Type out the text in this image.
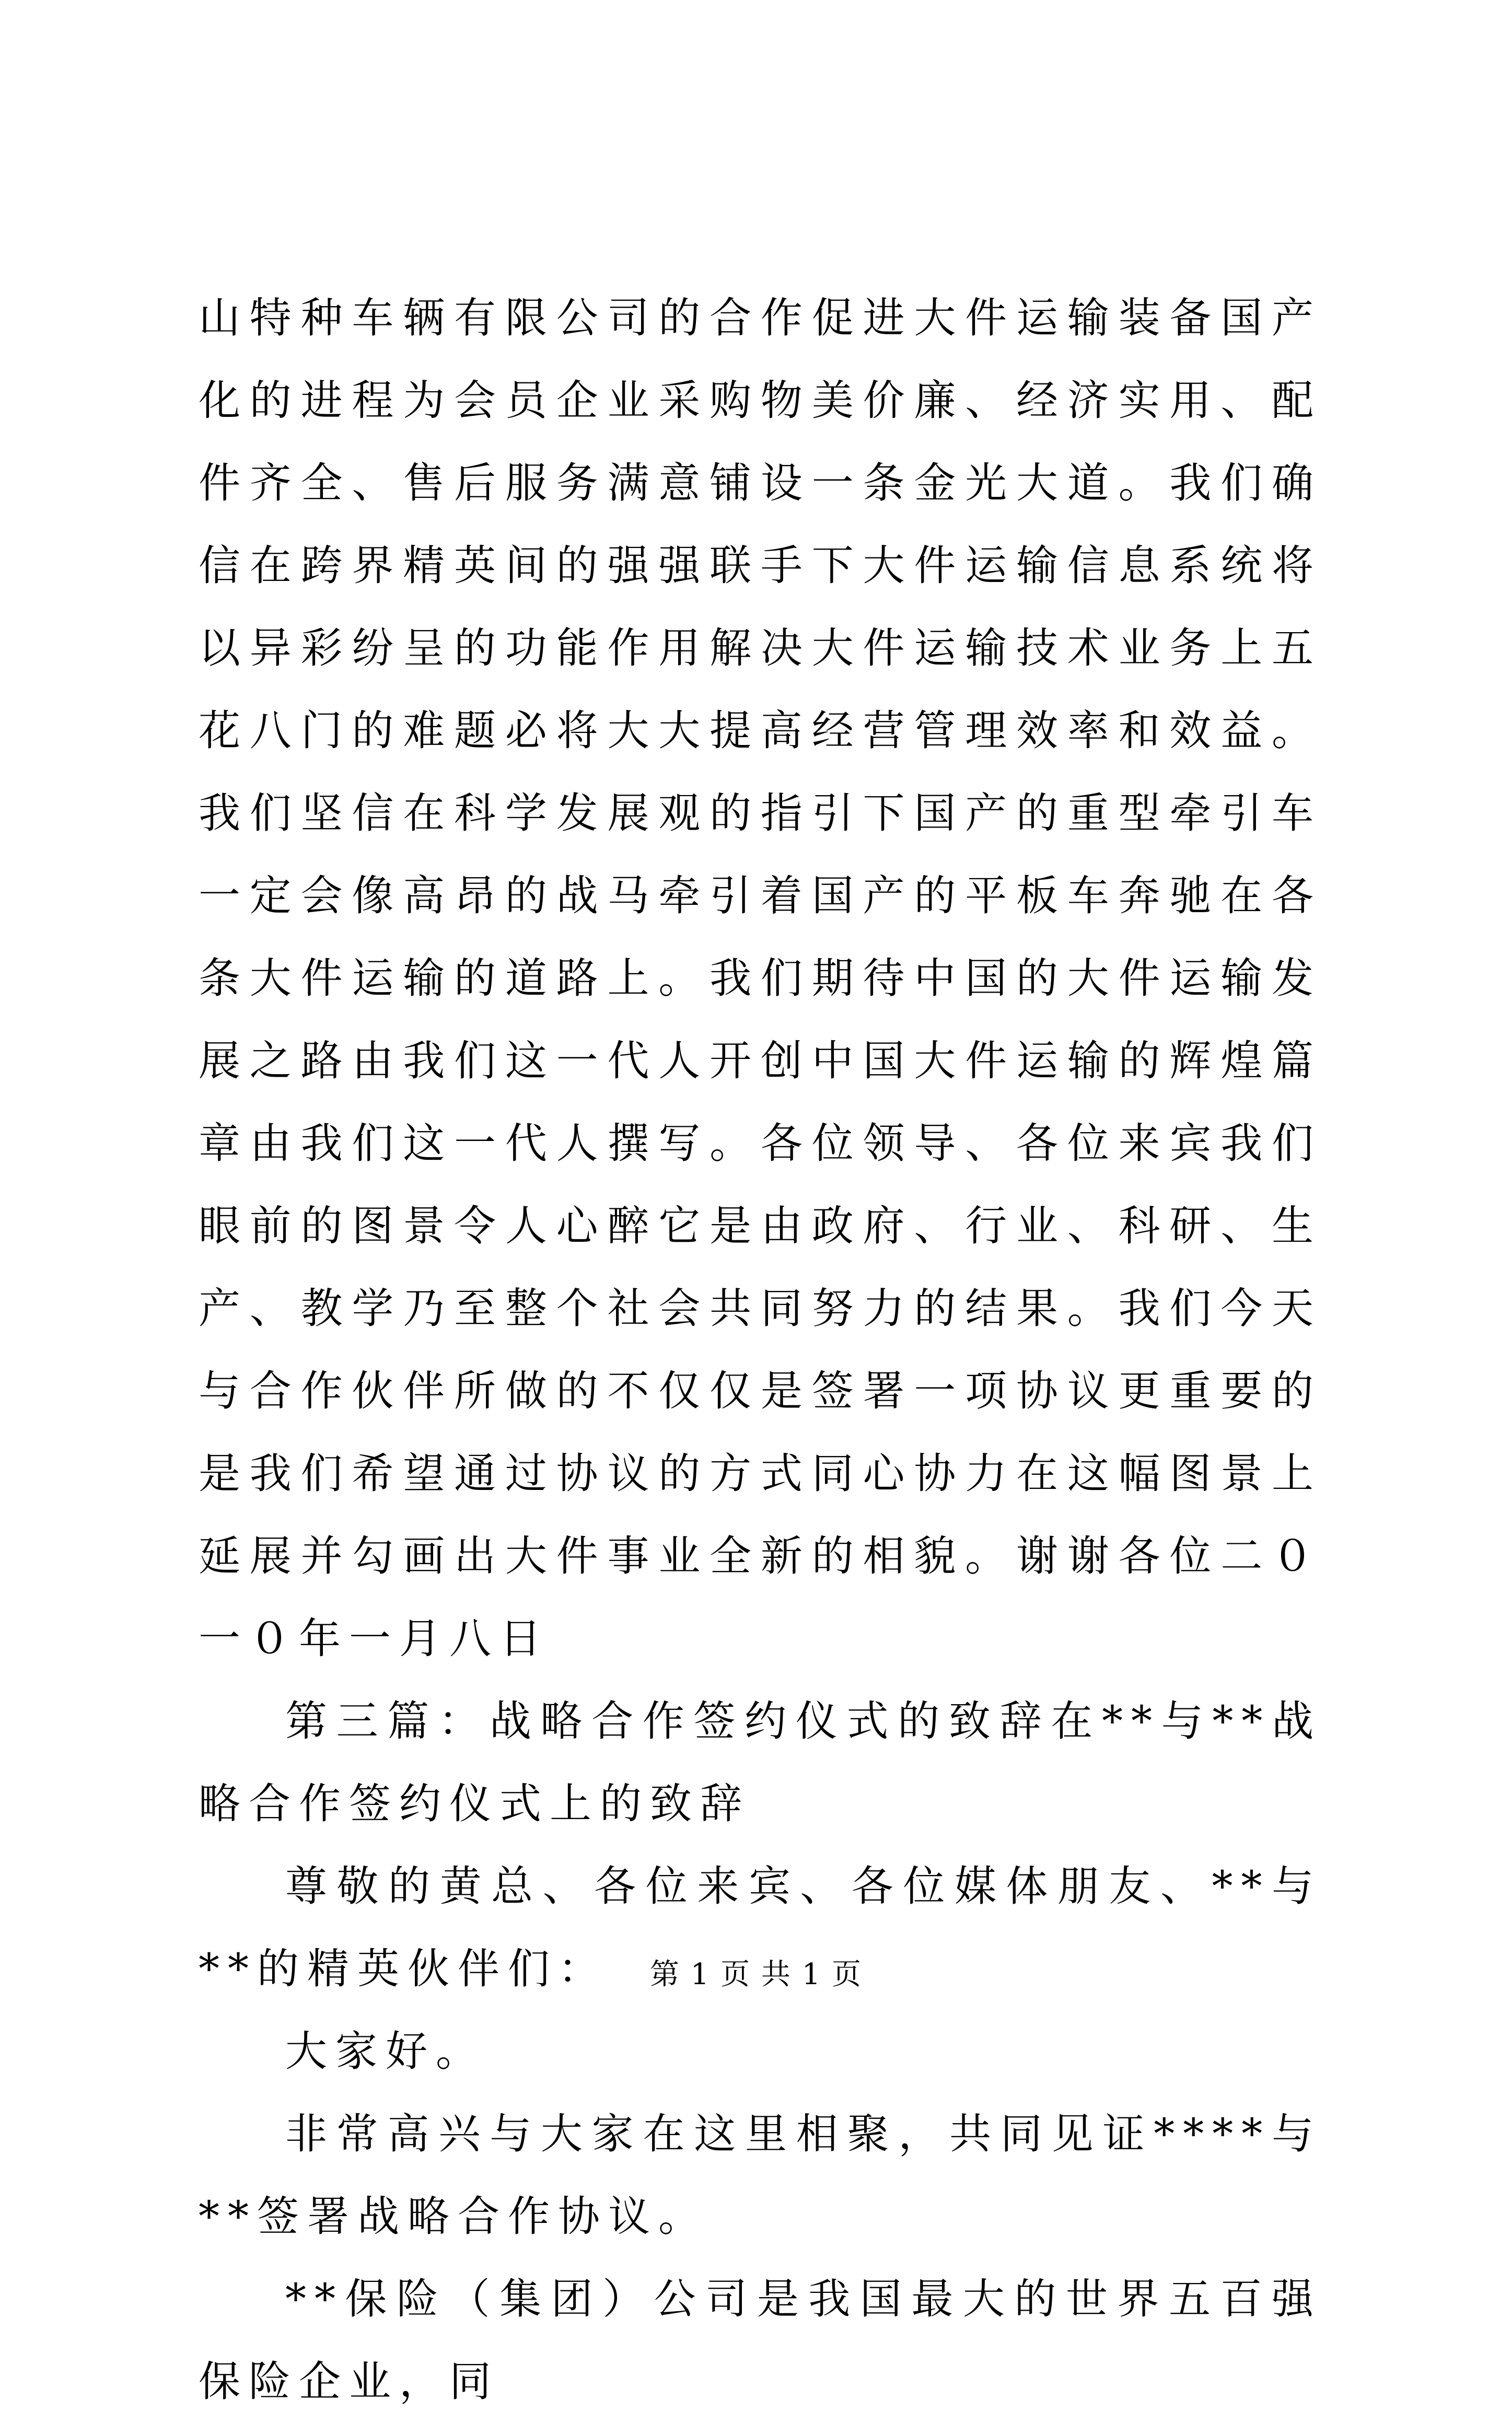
山特种车辆有限公司的合作促进大件运输装备国产化的进程为会员企业采购物美价廉、经济实用、配件齐全、售后服务满意铺设一条金光大道。我们确信在跨界精英间的强强联手下大件运输信息系统将以异彩纷呈的功能作用解决大件运输技术业务上五花八门的难题必将大大提高经营管理效率和效益。我们坚信在科学发展观的指引下国产的重型牵引车一定会像高昂的战马牵引着国产的平板车奔驰在各条大件运输的道路上。我们期待中国的大件运输发展之路由我们这一代人开创中国大件运输的辉煌篇章由我们这一代人撰写。各位领导、各位来宾我们眼前的图景令人心醉它是由政府、行业、科研、生产、教学乃至整个社会共同努力的结果。我们今天与合作伙伴所做的不仅仅是签署一项协议更重要的是我们希望通过协议的方式同心协力在这幅图景上延展并勾画出大件事业全新的相貌。谢谢各位二０一０年一月八日

第三篇：战略合作签约仪式的致辞在**与**战略合作签约仪式上的致辞

尊敬的黄总、各位来宾、各位媒体朋友、**与**的精英伙伴们：

大家好。

非常高兴与大家在这里相聚，共同见证****与**签署战略合作协议。

**保险（集团）公司是我国最大的世界五百强保险企业，同

第 1 页 共 1 页
